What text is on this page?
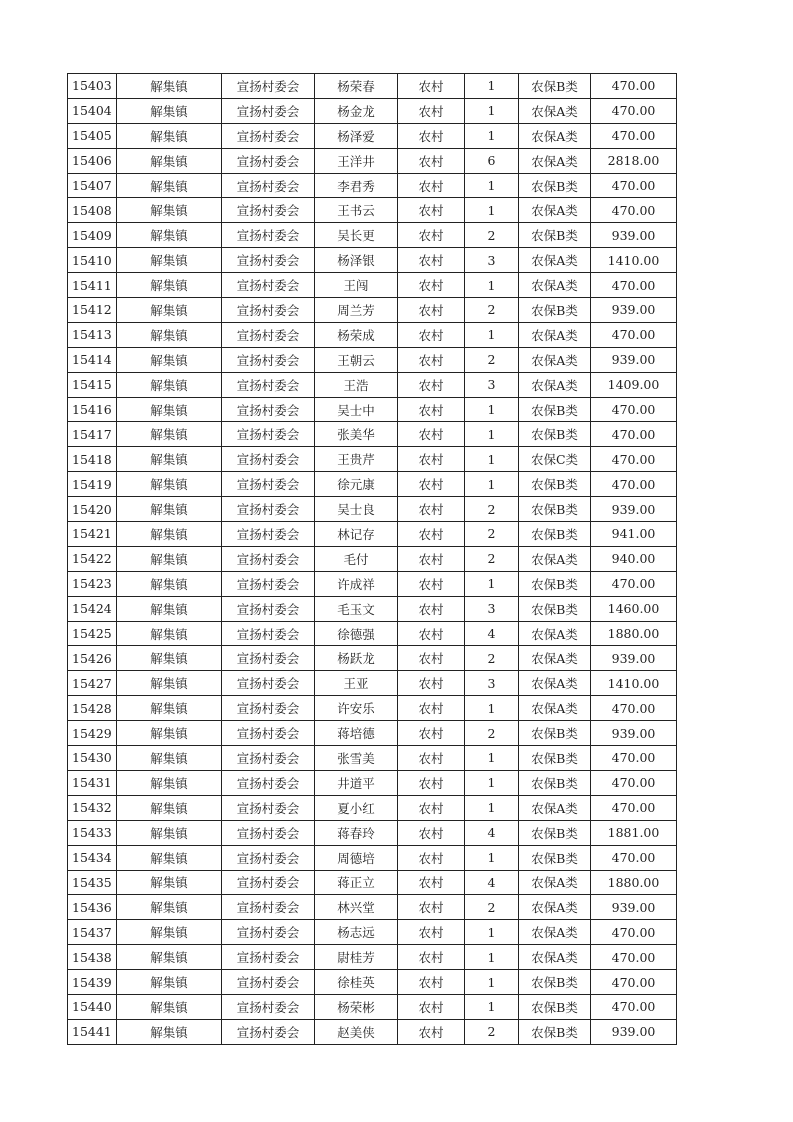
15403	解集镇	宣扬村委会	杨荣春	农村	1	农保B类	470.00
15404	解集镇	宣扬村委会	杨金龙	农村	1	农保A类	470.00
15405	解集镇	宣扬村委会	杨泽爱	农村	1	农保A类	470.00
15406	解集镇	宣扬村委会	王洋井	农村	6	农保A类	2818.00
15407	解集镇	宣扬村委会	李君秀	农村	1	农保B类	470.00
15408	解集镇	宣扬村委会	王书云	农村	1	农保A类	470.00
15409	解集镇	宣扬村委会	吴长更	农村	2	农保B类	939.00
15410	解集镇	宣扬村委会	杨泽银	农村	3	农保A类	1410.00
15411	解集镇	宣扬村委会	王闯	农村	1	农保A类	470.00
15412	解集镇	宣扬村委会	周兰芳	农村	2	农保B类	939.00
15413	解集镇	宣扬村委会	杨荣成	农村	1	农保A类	470.00
15414	解集镇	宣扬村委会	王朝云	农村	2	农保A类	939.00
15415	解集镇	宣扬村委会	王浩	农村	3	农保A类	1409.00
15416	解集镇	宣扬村委会	吴士中	农村	1	农保B类	470.00
15417	解集镇	宣扬村委会	张美华	农村	1	农保B类	470.00
15418	解集镇	宣扬村委会	王贵芹	农村	1	农保C类	470.00
15419	解集镇	宣扬村委会	徐元康	农村	1	农保B类	470.00
15420	解集镇	宣扬村委会	吴士良	农村	2	农保B类	939.00
15421	解集镇	宣扬村委会	林记存	农村	2	农保B类	941.00
15422	解集镇	宣扬村委会	毛付	农村	2	农保A类	940.00
15423	解集镇	宣扬村委会	许成祥	农村	1	农保B类	470.00
15424	解集镇	宣扬村委会	毛玉文	农村	3	农保B类	1460.00
15425	解集镇	宣扬村委会	徐德强	农村	4	农保A类	1880.00
15426	解集镇	宣扬村委会	杨跃龙	农村	2	农保A类	939.00
15427	解集镇	宣扬村委会	王亚	农村	3	农保A类	1410.00
15428	解集镇	宣扬村委会	许安乐	农村	1	农保A类	470.00
15429	解集镇	宣扬村委会	蒋培德	农村	2	农保B类	939.00
15430	解集镇	宣扬村委会	张雪美	农村	1	农保B类	470.00
15431	解集镇	宣扬村委会	井道平	农村	1	农保B类	470.00
15432	解集镇	宣扬村委会	夏小红	农村	1	农保A类	470.00
15433	解集镇	宣扬村委会	蒋春玲	农村	4	农保B类	1881.00
15434	解集镇	宣扬村委会	周德培	农村	1	农保B类	470.00
15435	解集镇	宣扬村委会	蒋正立	农村	4	农保A类	1880.00
15436	解集镇	宣扬村委会	林兴堂	农村	2	农保A类	939.00
15437	解集镇	宣扬村委会	杨志远	农村	1	农保A类	470.00
15438	解集镇	宣扬村委会	尉桂芳	农村	1	农保A类	470.00
15439	解集镇	宣扬村委会	徐桂英	农村	1	农保B类	470.00
15440	解集镇	宣扬村委会	杨荣彬	农村	1	农保B类	470.00
15441	解集镇	宣扬村委会	赵美侠	农村	2	农保B类	939.00
